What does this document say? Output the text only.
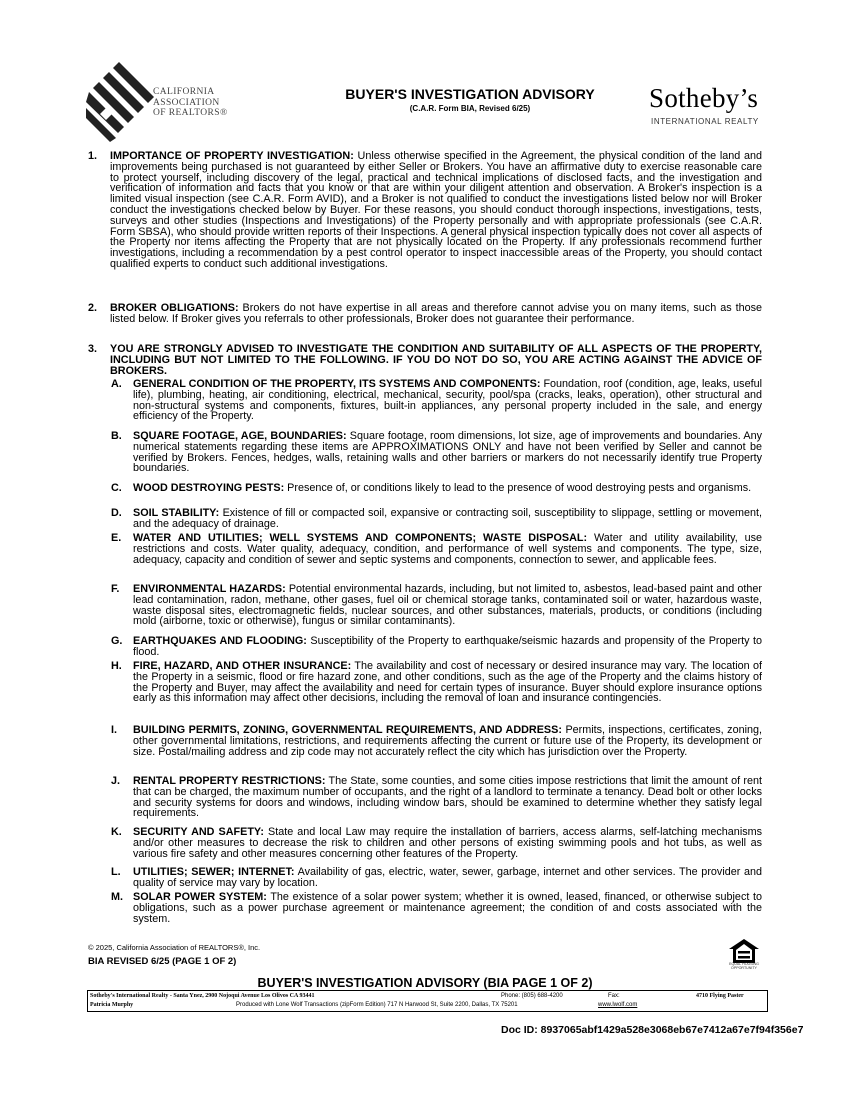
CALIFORNIA
ASSOCIATION
OF REALTORS®
BUYER'S INVESTIGATION ADVISORY
(C.A.R. Form BIA, Revised 6/25)	Sotheby’s
INTERNATIONAL REALTY
1. IMPORTANCE OF PROPERTY INVESTIGATION: Unless otherwise specified in the Agreement, the physical condition of the land and improvements being purchased is not guaranteed by either Seller or Brokers. You have an affirmative duty to exercise reasonable care to protect yourself, including discovery of the legal, practical and technical implications of disclosed facts, and the investigation and verification of information and facts that you know or that are within your diligent attention and observation. A Broker's inspection is a limited visual inspection (see C.A.R. Form AVID), and a Broker is not qualified to conduct the investigations listed below nor will Broker conduct the investigations checked below by Buyer. For these reasons, you should conduct thorough inspections, investigations, tests, surveys and other studies (Inspections and Investigations) of the Property personally and with appropriate professionals (see C.A.R. Form SBSA), who should provide written reports of their Inspections. A general physical inspection typically does not cover all aspects of the Property nor items affecting the Property that are not physically located on the Property. If any professionals recommend further investigations, including a recommendation by a pest control operator to inspect inaccessible areas of the Property, you should contact qualified experts to conduct such additional investigations.
2. BROKER OBLIGATIONS: Brokers do not have expertise in all areas and therefore cannot advise you on many items, such as those listed below. If Broker gives you referrals to other professionals, Broker does not guarantee their performance.
3. YOU ARE STRONGLY ADVISED TO INVESTIGATE THE CONDITION AND SUITABILITY OF ALL ASPECTS OF THE PROPERTY, INCLUDING BUT NOT LIMITED TO THE FOLLOWING. IF YOU DO NOT DO SO, YOU ARE ACTING AGAINST THE ADVICE OF BROKERS.
A. GENERAL CONDITION OF THE PROPERTY, ITS SYSTEMS AND COMPONENTS: Foundation, roof (condition, age, leaks, useful life), plumbing, heating, air conditioning, electrical, mechanical, security, pool/spa (cracks, leaks, operation), other structural and non-structural systems and components, fixtures, built-in appliances, any personal property included in the sale, and energy efficiency of the Property.
B. SQUARE FOOTAGE, AGE, BOUNDARIES: Square footage, room dimensions, lot size, age of improvements and boundaries. Any numerical statements regarding these items are APPROXIMATIONS ONLY and have not been verified by Seller and cannot be verified by Brokers. Fences, hedges, walls, retaining walls and other barriers or markers do not necessarily identify true Property boundaries.
C. WOOD DESTROYING PESTS: Presence of, or conditions likely to lead to the presence of wood destroying pests and organisms.
D. SOIL STABILITY: Existence of fill or compacted soil, expansive or contracting soil, susceptibility to slippage, settling or movement, and the adequacy of drainage.
E. WATER AND UTILITIES; WELL SYSTEMS AND COMPONENTS; WASTE DISPOSAL: Water and utility availability, use restrictions and costs. Water quality, adequacy, condition, and performance of well systems and components. The type, size, adequacy, capacity and condition of sewer and septic systems and components, connection to sewer, and applicable fees.
F. ENVIRONMENTAL HAZARDS: Potential environmental hazards, including, but not limited to, asbestos, lead-based paint and other lead contamination, radon, methane, other gases, fuel oil or chemical storage tanks, contaminated soil or water, hazardous waste, waste disposal sites, electromagnetic fields, nuclear sources, and other substances, materials, products, or conditions (including mold (airborne, toxic or otherwise), fungus or similar contaminants).
G. EARTHQUAKES AND FLOODING: Susceptibility of the Property to earthquake/seismic hazards and propensity of the Property to flood.
H. FIRE, HAZARD, AND OTHER INSURANCE: The availability and cost of necessary or desired insurance may vary. The location of the Property in a seismic, flood or fire hazard zone, and other conditions, such as the age of the Property and the claims history of the Property and Buyer, may affect the availability and need for certain types of insurance. Buyer should explore insurance options early as this information may affect other decisions, including the removal of loan and insurance contingencies.
I. BUILDING PERMITS, ZONING, GOVERNMENTAL REQUIREMENTS, AND ADDRESS: Permits, inspections, certificates, zoning, other governmental limitations, restrictions, and requirements affecting the current or future use of the Property, its development or size. Postal/mailing address and zip code may not accurately reflect the city which has jurisdiction over the Property.
J. RENTAL PROPERTY RESTRICTIONS: The State, some counties, and some cities impose restrictions that limit the amount of rent that can be charged, the maximum number of occupants, and the right of a landlord to terminate a tenancy. Dead bolt or other locks and security systems for doors and windows, including window bars, should be examined to determine whether they satisfy legal requirements.
K. SECURITY AND SAFETY: State and local Law may require the installation of barriers, access alarms, self-latching mechanisms and/or other measures to decrease the risk to children and other persons of existing swimming pools and hot tubs, as well as various fire safety and other measures concerning other features of the Property.
L. UTILITIES; SEWER; INTERNET: Availability of gas, electric, water, sewer, garbage, internet and other services. The provider and quality of service may vary by location.
M. SOLAR POWER SYSTEM: The existence of a solar power system; whether it is owned, leased, financed, or otherwise subject to obligations, such as a power purchase agreement or maintenance agreement; the condition of and costs associated with the system.
© 2025, California Association of REALTORS®, Inc.
BIA REVISED 6/25 (PAGE 1 OF 2)	EQUAL HOUSING OPPORTUNITY
BUYER'S INVESTIGATION ADVISORY (BIA PAGE 1 OF 2)
Sotheby's International Realty - Santa Ynez, 2900 Nojoqui Avenue Los Olivos CA 93441	Phone: (805) 688-4200	Fax:	4710 Flying Paster
Patricia Murphy	Produced with Lone Wolf Transactions (zipForm Edition) 717 N Harwood St, Suite 2200, Dallas, TX 75201	www.lwolf.com
Doc ID: 8937065abf1429a528e3068eb67e7412a67e7f94f356e7
